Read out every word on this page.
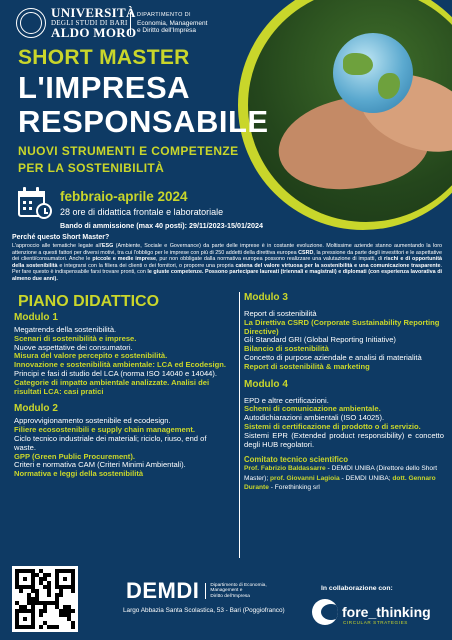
UNIVERSITÀ
DEGLI STUDI DI BARI
ALDO MORO
DIPARTIMENTO DI
Economia, Management
e Diritto dell'Impresa
SHORT MASTER
L'IMPRESA
RESPONSABILE
NUOVI STRUMENTI E COMPETENZE
PER LA SOSTENIBILITÀ
febbraio-aprile 2024
28 ore di didattica frontale e laboratoriale
Bando di ammissione (max 40 posti): 29/11/2023-15/01/2024
Perché questo Short Master?
L'approccio alle tematiche legate all'ESG (Ambiente, Sociale e Governance) da parte delle imprese è in costante evoluzione. Moltissime aziende stanno aumentando la loro attenzione a questi fattori per diversi motivi, tra cui l'obbligo per le imprese con più di 250 addetti della direttiva europea CSRD, la pressione da parte degli investitori e le aspettative dei clienti/consumatori. Anche le piccole e medie imprese, pur non obbligate dalla normativa europea possono realizzare una valutazione di impatti, di rischi e di opportunità della sostenibilità e integrarsi con la filiera dei clienti o dei fornitori, o proporre una propria catena del valore virtuosa per la sostenibilità e una comunicazione trasparente. Per fare questo è indispensabile farsi trovare pronti, con le giuste competenze. Possono partecipare laureati (triennali e magistrali) e diplomati (con esperienza lavorativa di almeno due anni).
PIANO DIDATTICO
Modulo 1
Megatrends della sostenibilità.
Scenari di sostenibilità e imprese.
Nuove aspettative dei consumatori.
Misura del valore percepito e sostenibilità.
Innovazione e sostenibilità ambientale: LCA ed Ecodesign.
Principi e fasi di studio del LCA (norma ISO 14040 e 14044).
Categorie di impatto ambientale analizzate. Analisi dei risultati LCA: casi pratici
Modulo 2
Approvvigionamento sostenibile ed ecodesign.
Filiere ecosostenibili e supply chain management.
Ciclo tecnico industriale dei materiali; riciclo, riuso, end of waste.
GPP (Green Public Procurement).
Criteri e normativa CAM (Criteri Minimi Ambientali).
Normativa e leggi della sostenibilità
Modulo 3
Report di sostenibilità
La Direttiva CSRD (Corporate Sustainability Reporting Directive)
Gli Standard GRI (Global Reporting Initiative)
Bilancio di sostenibilità
Concetto di purpose aziendale e analisi di materialità
Report di sostenibilità & marketing
Modulo 4
EPD e altre certificazioni.
Schemi di comunicazione ambientale.
Autodichiarazioni ambientali (ISO 14025).
Sistemi di certificazione di prodotto o di servizio.
Sistemi EPR (Extended product responsibility) e concetto degli HUB regolatori.
Comitato tecnico scientifico
Prof. Fabrizio Baldassarre - DEMDI UNIBA (Direttore dello Short Master); prof. Giovanni Lagioia - DEMDI UNIBA; dott. Gennaro Durante - Forethinking srl
DEMDI Dipartimento di Economia,
Management e
Diritto dell'Impresa
Largo Abbazia Santa Scolastica, 53 - Bari (Poggiofranco)
In collaborazione con:
fore_thinking
CIRCULAR STRATEGIES
